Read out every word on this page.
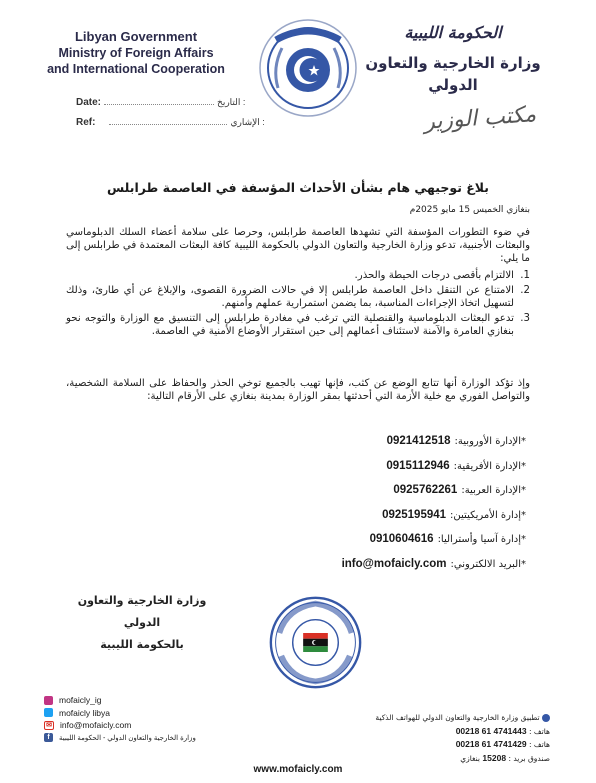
Libyan Government
Ministry of Foreign Affairs
and International Cooperation
الحكومة الليبية
وزارة الخارجية والتعاون الدولي
Date:	التاريخ :
Ref:	الإشاري :	مكتب الوزير
بلاغ توجيهي هام بشأن الأحداث المؤسفة في العاصمة طرابلس
بنغازي الخميس 15 مايو 2025م
في ضوء التطورات المؤسفة التي تشهدها العاصمة طرابلس، وحرصا على سلامة أعضاء السلك الدبلوماسي والبعثات الأجنبية، تدعو وزارة الخارجية والتعاون الدولي بالحكومة الليبية كافة البعثات المعتمدة في طرابلس إلى ما يلي:
1.
الالتزام بأقصى درجات الحيطة والحذر.
2.
الامتناع عن التنقل داخل العاصمة طرابلس إلا في حالات الضرورة القصوى، والإبلاغ عن أي طارئ، وذلك لتسهيل اتخاذ الإجراءات المناسبة، بما يضمن استمرارية عملهم وأمنهم.
3.
تدعو البعثات الدبلوماسية والقنصلية التي ترغب في مغادرة طرابلس إلى التنسيق مع الوزارة والتوجه نحو بنغازي العامرة والآمنة لاستئناف أعمالهم إلى حين استقرار الأوضاع الأمنية في العاصمة.
وإذ تؤكد الوزارة أنها تتابع الوضع عن كثب، فإنها تهيب بالجميع توخي الحذر والحفاظ على السلامة الشخصية، والتواصل الفوري مع خلية الأزمة التي أحدثتها بمقر الوزارة بمدينة بنغازي على الأرقام التالية:
*الإدارة الأوروبية:0921412518
*الإدارة الأفريقية:0915112946
*الإدارة العربية:0925762261
*إدارة الأمريكيتين:0925195941
*إدارة آسيا وأستراليا:0910604616
*البريد الالكتروني:info@mofaicly.com
وزارة الخارجية والتعاون الدولي
بالحكومة الليبية
mofaicly_ig
mofaicly libya
✉ info@mofaicly.com
f	وزارة الخارجية والتعاون الدولي - الحكومة الليبية
تطبيق وزارة الخارجية والتعاون الدولي للهواتف الذكية
هاتف : 00218 61 4741443
هاتف : 00218 61 4741429
صندوق بريد : 15208 بنغازي
www.mofaicly.com
